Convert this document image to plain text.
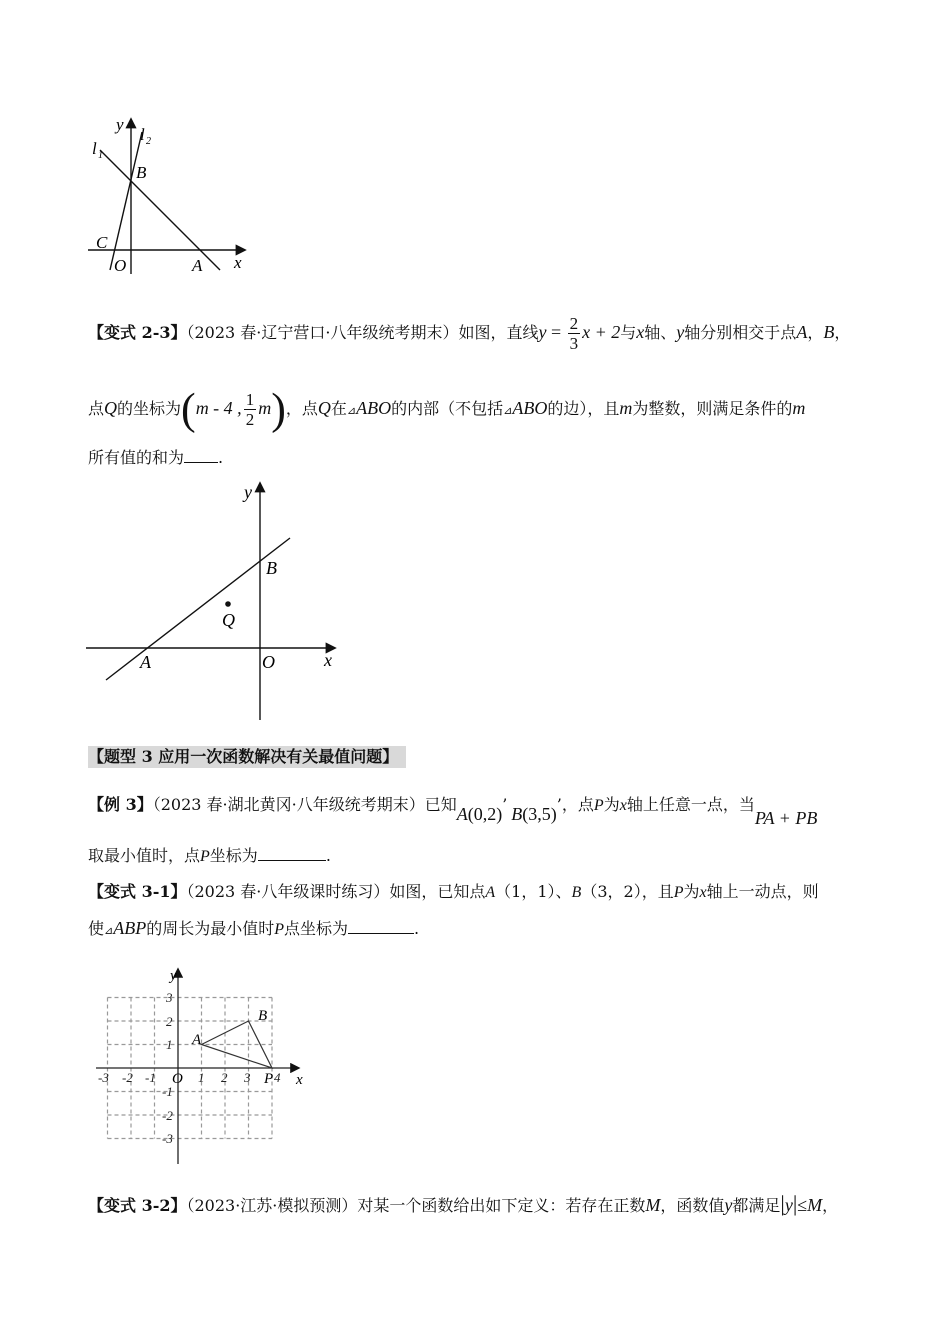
y
l 1
l 2
B
C
O	A x
【变式 2-3】（2023 春·辽宁营口·八年级统考期末）如图，直线$y = \frac{2}{3}$ x + 2与x轴、y轴分别相交于点A，B，
点Q的坐标为(m - 4 , $\frac{1}{2} m$)，点Q在⊿ABO的内部（不包括⊿ABO的边），且m为整数，则满足条件的m
所有值的和为 .
y
B
Q
A	O	x
【题型 3 应用一次函数解决有关最值问题】
【例 3】（2023 春·湖北黄冈·八年级统考期末）已知A(0,2)’ B(3,5)’，点P为x轴上任意一点，当PA + PB
取最小值时，点P坐标为	.
【变式 3-1】（2023 春·八年级课时练习）如图，已知点A（1，1）、B（3，2），且P为x轴上一动点，则
使⊿ABP的周长为最小值时P点坐标为	.
-3 -2 -1	1 2 3 4
3
2
1
-1
-2
-3
y
x
O
A
B
P
【变式 3-2】（2023·江苏·模拟预测）对某一个函数给出如下定义：若存在正数M，函数值y都满足|y|≤M，
